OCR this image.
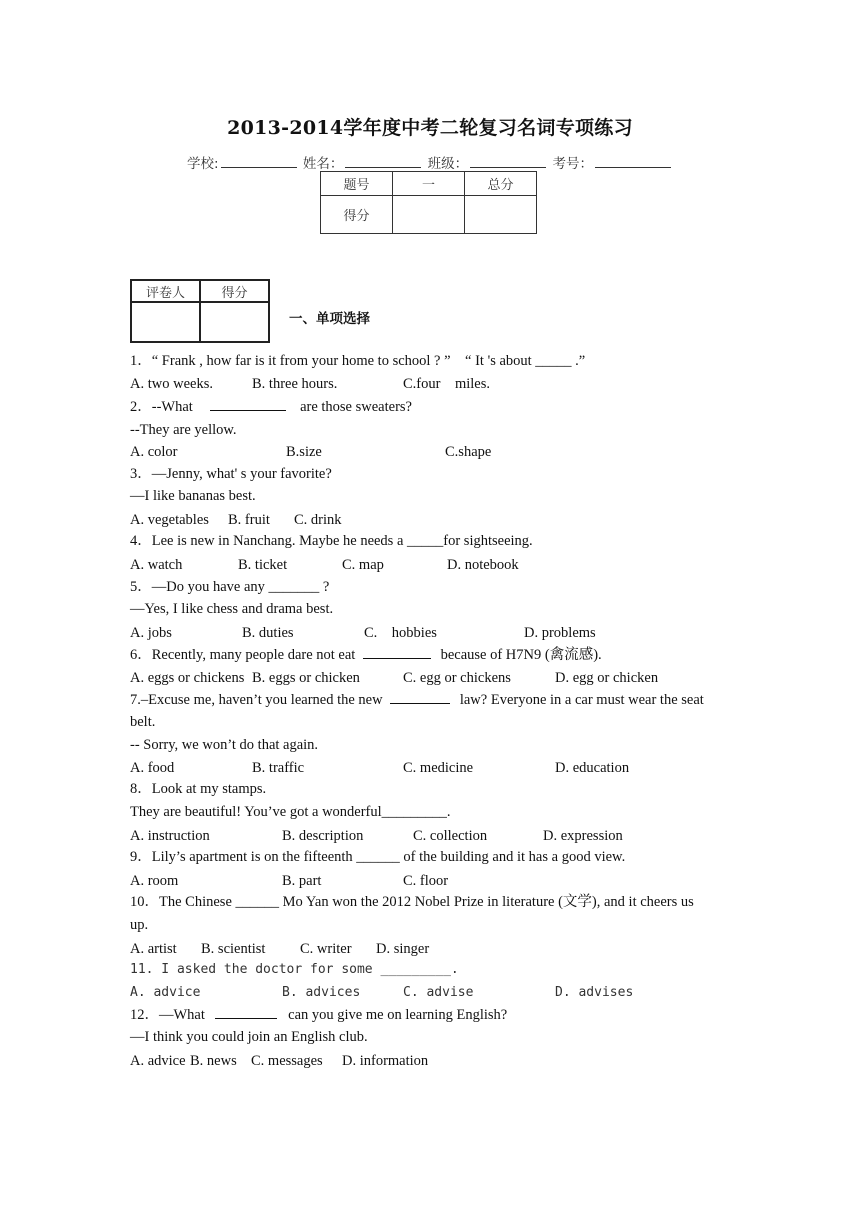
2013-2014学年度中考二轮复习名词专项练习
学校:	姓名：	班级：	考号：
题号	一	总分
得分		
评卷人	得分

一、单项选择
1．“ Frank , how far is it from your home to school ? ”　“ It 's about _____ .”
A. two weeks.	B. three hours.	C.four　miles.
2．--What	are those sweaters?
--They are yellow.
A. color	B.size	C.shape
3．—Jenny, what' s your favorite?
—I like bananas best.
A. vegetables B. fruit C. drink
4．Lee is new in Nanchang. Maybe he needs a _____for sightseeing.
A. watch	B. ticket	C. map	D. notebook
5．—Do you have any _______ ?
—Yes, I like chess and drama best.
A. jobs	B. duties	C.　hobbies	D. problems
6．Recently, many people dare not eat	because of H7N9 (禽流感).
A. eggs or chickens B. eggs or chicken	C. egg or chickens	D. egg or chicken
7.–Excuse me, haven’t you learned the new	law? Everyone in a car must wear the seat
belt.
-- Sorry, we won’t do that again.
A. food	B. traffic	C. medicine	D. education
8．Look at my stamps.
They are beautiful! You’ve got a wonderful_________.
A. instruction	B. description	C. collection	D. expression
9．Lily’s apartment is on the fifteenth ______ of the building and it has a good view.
A. room	B. part	C. floor
10．The Chinese ______ Mo Yan won the 2012 Nobel Prize in literature (文学), and it cheers us
up.
A. artist B. scientist C. writer D. singer
11. I asked the doctor for some _________.
A. advice	B. advices	C. advise	D. advises
12．—What	can you give me on learning English?
—I think you could join an English club.
A. advice B. news C. messages D. information
